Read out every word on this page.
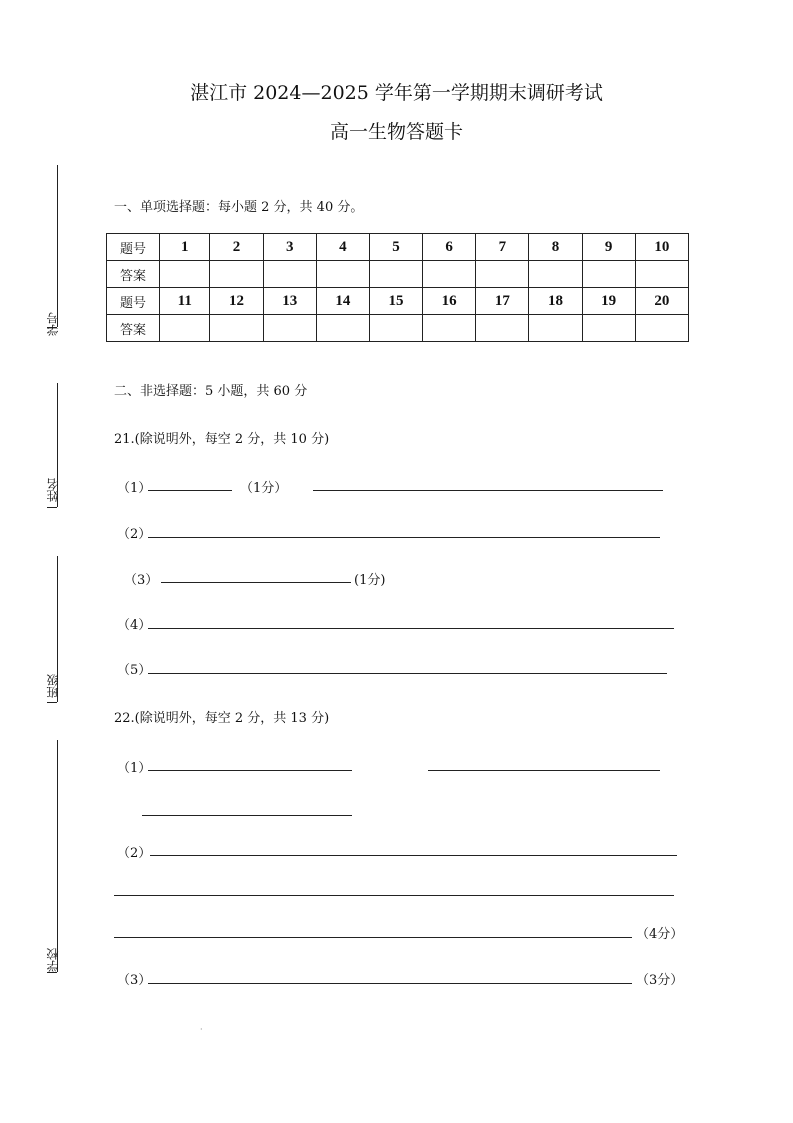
湛江市 2024—2025 学年第一学期期末调研考试
高一生物答题卡
学号
姓名
班级
学校
一、单项选择题：每小题 2 分，共 40 分。
题号	1	2	3	4	5	6	7	8	9	10
答案										
题号	11	12	13	14	15	16	17	18	19	20
答案										
二、非选择题：5 小题，共 60 分
21.(除说明外，每空 2 分，共 10 分)
（1）	（1分）
（2）
（3）	(1分)
（4）
（5）
22.(除说明外，每空 2 分，共 13 分)
（1）
（2）
（4分）
（3）	（3分）
·
